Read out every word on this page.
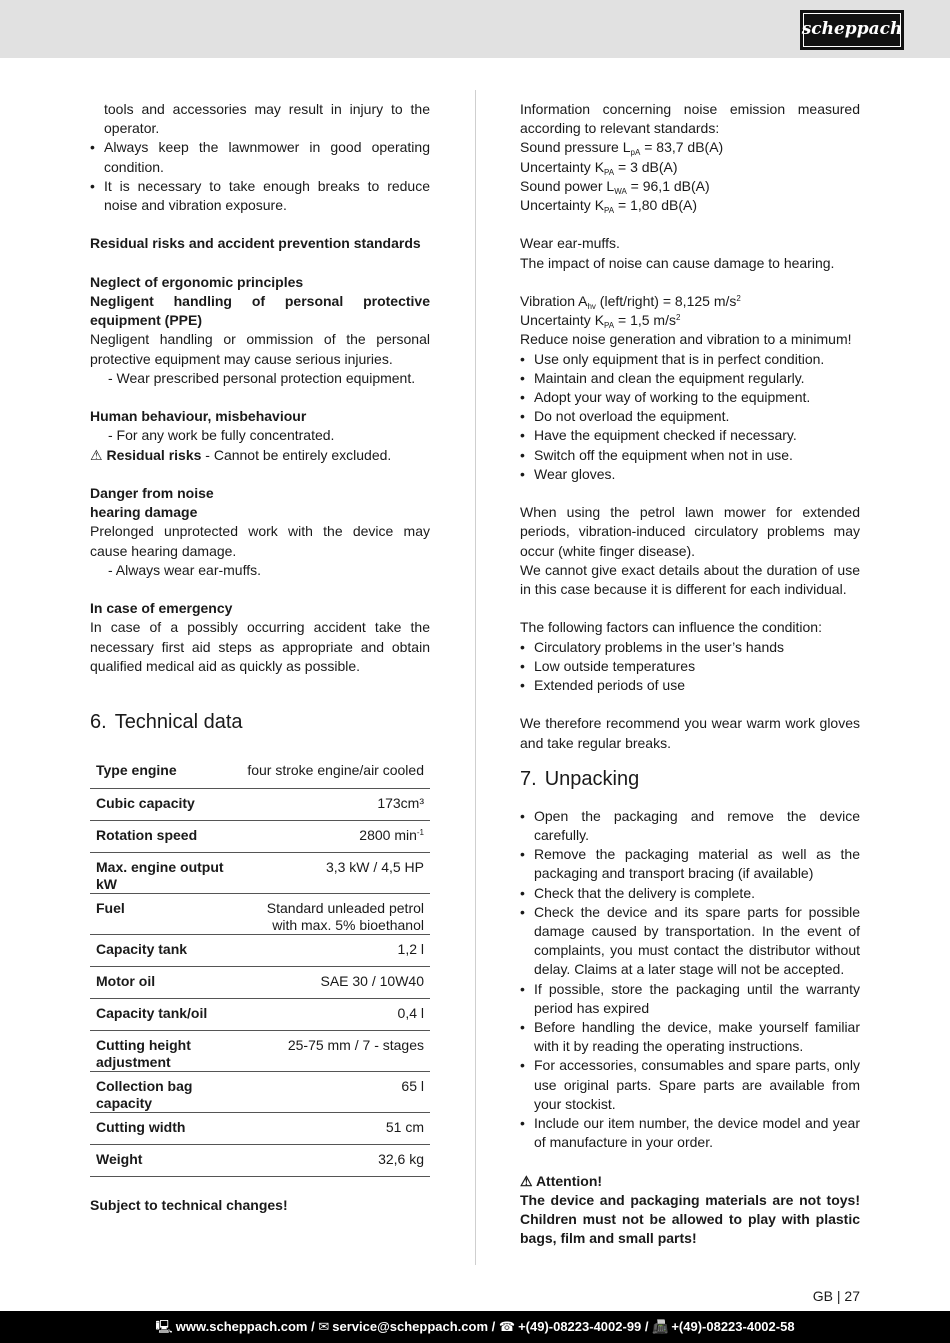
scheppach

tools and accessories may result in injury to the operator.

• Always keep the lawnmower in good operating condition.
• It is necessary to take enough breaks to reduce noise and vibration exposure.

Residual risks and accident prevention standards

Neglect of ergonomic principles

Negligent handling of personal protective equipment (PPE)

Negligent handling or ommission of the personal protective equipment may cause serious injuries.

- Wear prescribed personal protection equipment.

Human behaviour, misbehaviour

- For any work be fully concentrated.

⚠ Residual risks - Cannot be entirely excluded.

Danger from noise

hearing damage

Prelonged unprotected work with the device may cause hearing damage.

- Always wear ear-muffs.

In case of emergency

In case of a possibly occurring accident take the necessary first aid steps as appropriate and obtain qualified medical aid as quickly as possible.

6. Technical data
Type engine	four stroke engine/air cooled
Cubic capacity	173cm³
Rotation speed	2800 $\min^{-1}$
Max. engine output kW	3,3 kW / 4,5 HP
Fuel	Standard unleaded petrol with max. 5% bioethanol
Capacity tank	1,2 l
Motor oil	SAE 30 / 10W40
Capacity tank/oil	0,4 l
Cutting height adjustment	25-75 mm / 7 - stages
Collection bag capacity	65 l
Cutting width	51 cm
Weight	32,6 kg

Subject to technical changes!

Information concerning noise emission measured according to relevant standards:

Sound pressure $L_{pA} = 83,7$ dB(A)

Uncertainty $K_{PA} = 3$ dB(A)

Sound power $L_{WA} = 96,1$ dB(A)

Uncertainty $K_{PA} = 1,80$ dB(A)

Wear ear-muffs.

The impact of noise can cause damage to hearing.

Vibration $A_{hv}$ (left/right) = 8,125 $m/s^2$

Uncertainty $K_{PA} = 1,5$ $m/s^2$

Reduce noise generation and vibration to a minimum!

• Use only equipment that is in perfect condition.
• Maintain and clean the equipment regularly.
• Adopt your way of working to the equipment.
• Do not overload the equipment.
• Have the equipment checked if necessary.
• Switch off the equipment when not in use.
• Wear gloves.

When using the petrol lawn mower for extended periods, vibration-induced circulatory problems may occur (white finger disease).

We cannot give exact details about the duration of use in this case because it is different for each individual.

The following factors can influence the condition:

• Circulatory problems in the user’s hands
• Low outside temperatures
• Extended periods of use

We therefore recommend you wear warm work gloves and take regular breaks.

7. Unpacking
• Open the packaging and remove the device carefully.
• Remove the packaging material as well as the packaging and transport bracing (if available)
• Check that the delivery is complete.
• Check the device and its spare parts for possible damage caused by transportation. In the event of complaints, you must contact the distributor without delay. Claims at a later stage will not be accepted.
• If possible, store the packaging until the warranty period has expired
• Before handling the device, make yourself familiar with it by reading the operating instructions.
• For accessories, consumables and spare parts, only use original parts. Spare parts are available from your stockist.
• Include our item number, the device model and year of manufacture in your order.

⚠ Attention!

The device and packaging materials are not toys! Children must not be allowed to play with plastic bags, film and small parts!

GB | 27
🖳 www.scheppach.com /
✉ service@scheppach.com /
☎ +(49)-08223-4002-99 /
📠 +(49)-08223-4002-58
